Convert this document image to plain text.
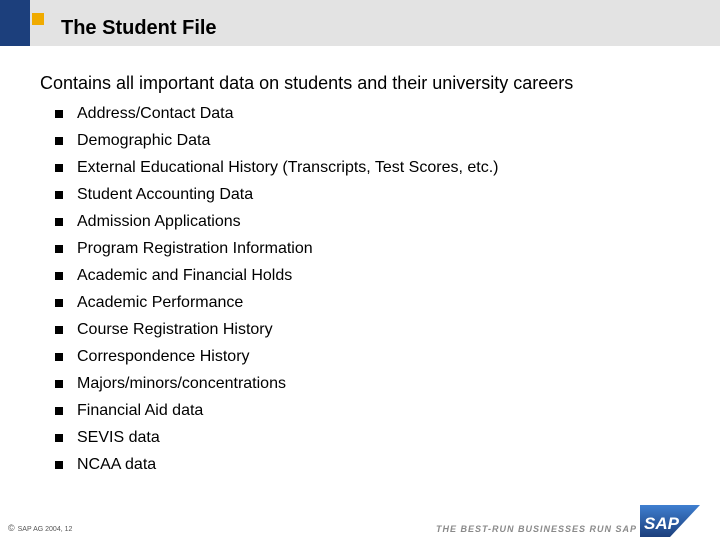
The Student File
Contains all important data on students and their university careers
Address/Contact Data
Demographic Data
External Educational History (Transcripts, Test Scores, etc.)
Student Accounting Data
Admission Applications
Program Registration Information
Academic and Financial Holds
Academic Performance
Course Registration History
Correspondence History
Majors/minors/concentrations
Financial Aid data
SEVIS data
NCAA data
© SAP AG 2004, 12	THE BEST-RUN BUSINESSES RUN SAP SAP
